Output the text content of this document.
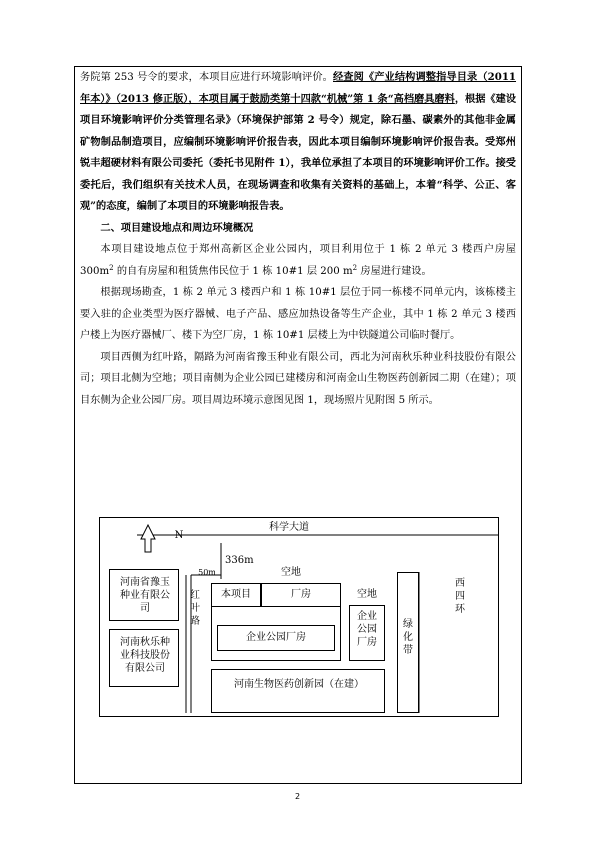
务院第 253 号令的要求，本项目应进行环境影响评价。经查阅《产业结构调整指导目录（2011 年本）》（2013 修正版），本项目属于鼓励类第十四款“机械”第 1 条“高档磨具磨料，根据《建设项目环境影响评价分类管理名录》（环境保护部第 2 号令）规定，除石墨、碳素外的其他非金属矿物制品制造项目，应编制环境影响评价报告表，因此本项目编制环境影响评价报告表。受郑州锐丰超硬材料有限公司委托（委托书见附件 1），我单位承担了本项目的环境影响评价工作。接受委托后，我们组织有关技术人员，在现场调查和收集有关资料的基础上，本着“科学、公正、客观”的态度，编制了本项目的环境影响报告表。

二、项目建设地点和周边环境概况

本项目建设地点位于郑州高新区企业公园内，项目利用位于 1 栋 2 单元 3 楼西户房屋 $300m^2$ 的自有房屋和租赁焦伟民位于 1 栋 10#1 层 200 $m^2$ 房屋进行建设。

根据现场勘查，1 栋 2 单元 3 楼西户和 1 栋 10#1 层位于同一栋楼不同单元内，该栋楼主要入驻的企业类型为医疗器械、电子产品、感应加热设备等生产企业，其中 1 栋 2 单元 3 楼西户楼上为医疗器械厂、楼下为空厂房，1 栋 10#1 层楼上为中铁隧道公司临时餐厅。

项目西侧为红叶路，隔路为河南省豫玉种业有限公司，西北为河南秋乐种业科技股份有限公司；项目北侧为空地；项目南侧为企业公园已建楼房和河南金山生物医药创新园二期（在建）；项目东侧为企业公园厂房。项目周边环境示意图见图 1，现场照片见附图 5 所示。

科学大道
N
336m
50m	空地
河南省豫玉种业有限公司
河南秋乐种业科技股份有限公司
红叶路
本项目	厂房
企业公园厂房
空地
企业公园厂房
绿化带
西四环
河南生物医药创新园（在建）
2
